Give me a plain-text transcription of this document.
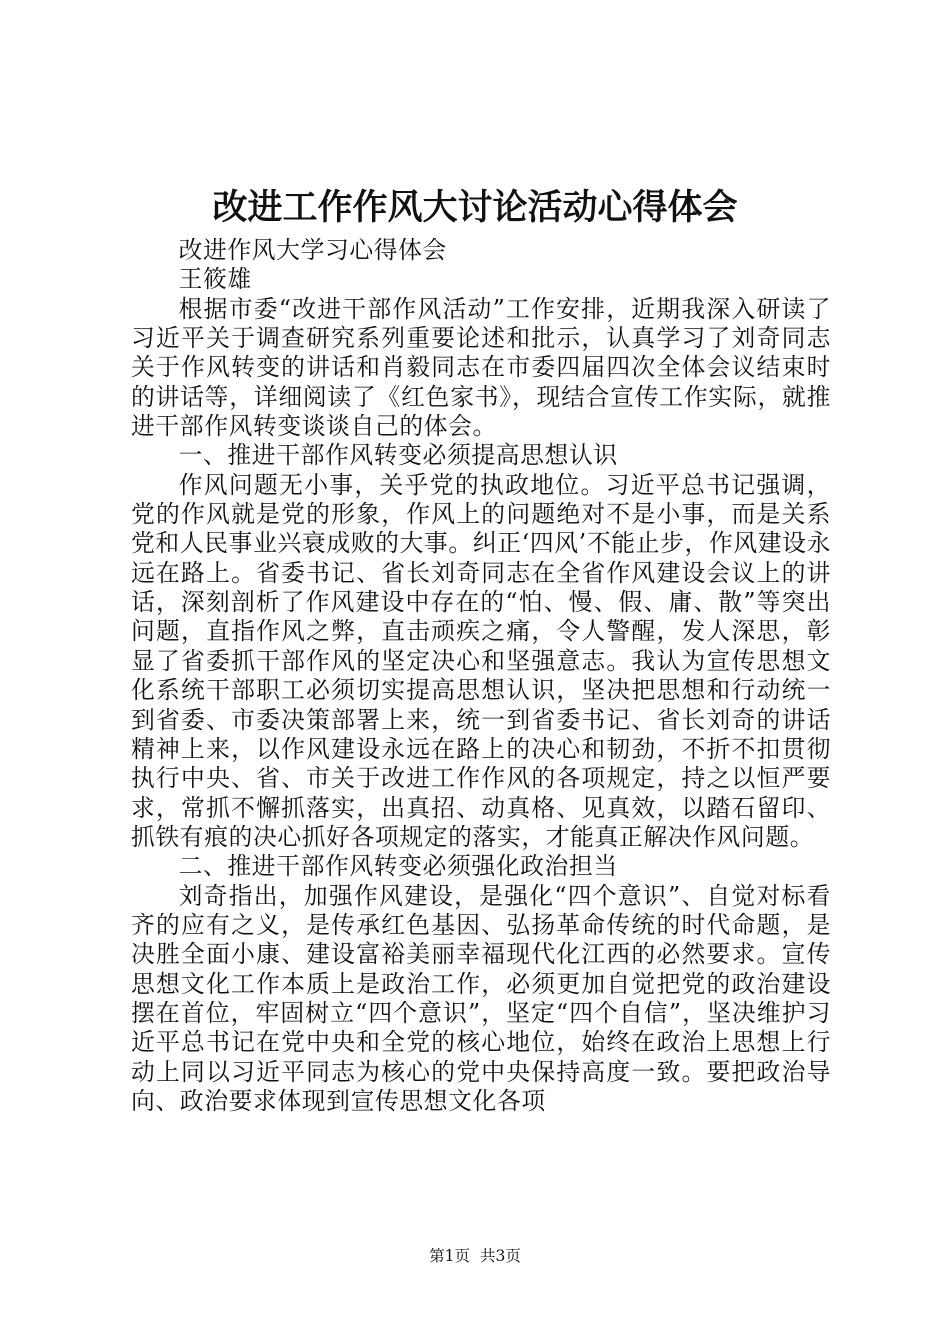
改进工作作风大讨论活动心得体会

改进作风大学习心得体会

王筱雄

根据市委“改进干部作风活动”工作安排，近期我深入研读了习近平关于调查研究系列重要论述和批示，认真学习了刘奇同志关于作风转变的讲话和肖毅同志在市委四届四次全体会议结束时的讲话等，详细阅读了《红色家书》，现结合宣传工作实际，就推进干部作风转变谈谈自己的体会。

一、推进干部作风转变必须提高思想认识

作风问题无小事，关乎党的执政地位。习近平总书记强调，党的作风就是党的形象，作风上的问题绝对不是小事，而是关系党和人民事业兴衰成败的大事。纠正‘四风’不能止步，作风建设永远在路上。省委书记、省长刘奇同志在全省作风建设会议上的讲话，深刻剖析了作风建设中存在的“怕、慢、假、庸、散”等突出问题，直指作风之弊，直击顽疾之痛，令人警醒，发人深思，彰显了省委抓干部作风的坚定决心和坚强意志。我认为宣传思想文化系统干部职工必须切实提高思想认识，坚决把思想和行动统一到省委、市委决策部署上来，统一到省委书记、省长刘奇的讲话精神上来，以作风建设永远在路上的决心和韧劲，不折不扣贯彻执行中央、省、市关于改进工作作风的各项规定，持之以恒严要求，常抓不懈抓落实，出真招、动真格、见真效，以踏石留印、抓铁有痕的决心抓好各项规定的落实，才能真正解决作风问题。

二、推进干部作风转变必须强化政治担当

刘奇指出，加强作风建设，是强化“四个意识”、自觉对标看齐的应有之义，是传承红色基因、弘扬革命传统的时代命题，是决胜全面小康、建设富裕美丽幸福现代化江西的必然要求。宣传思想文化工作本质上是政治工作，必须更加自觉把党的政治建设摆在首位，牢固树立“四个意识”，坚定“四个自信”，坚决维护习近平总书记在党中央和全党的核心地位，始终在政治上思想上行动上同以习近平同志为核心的党中央保持高度一致。要把政治导向、政治要求体现到宣传思想文化各项

第1页 共3页
